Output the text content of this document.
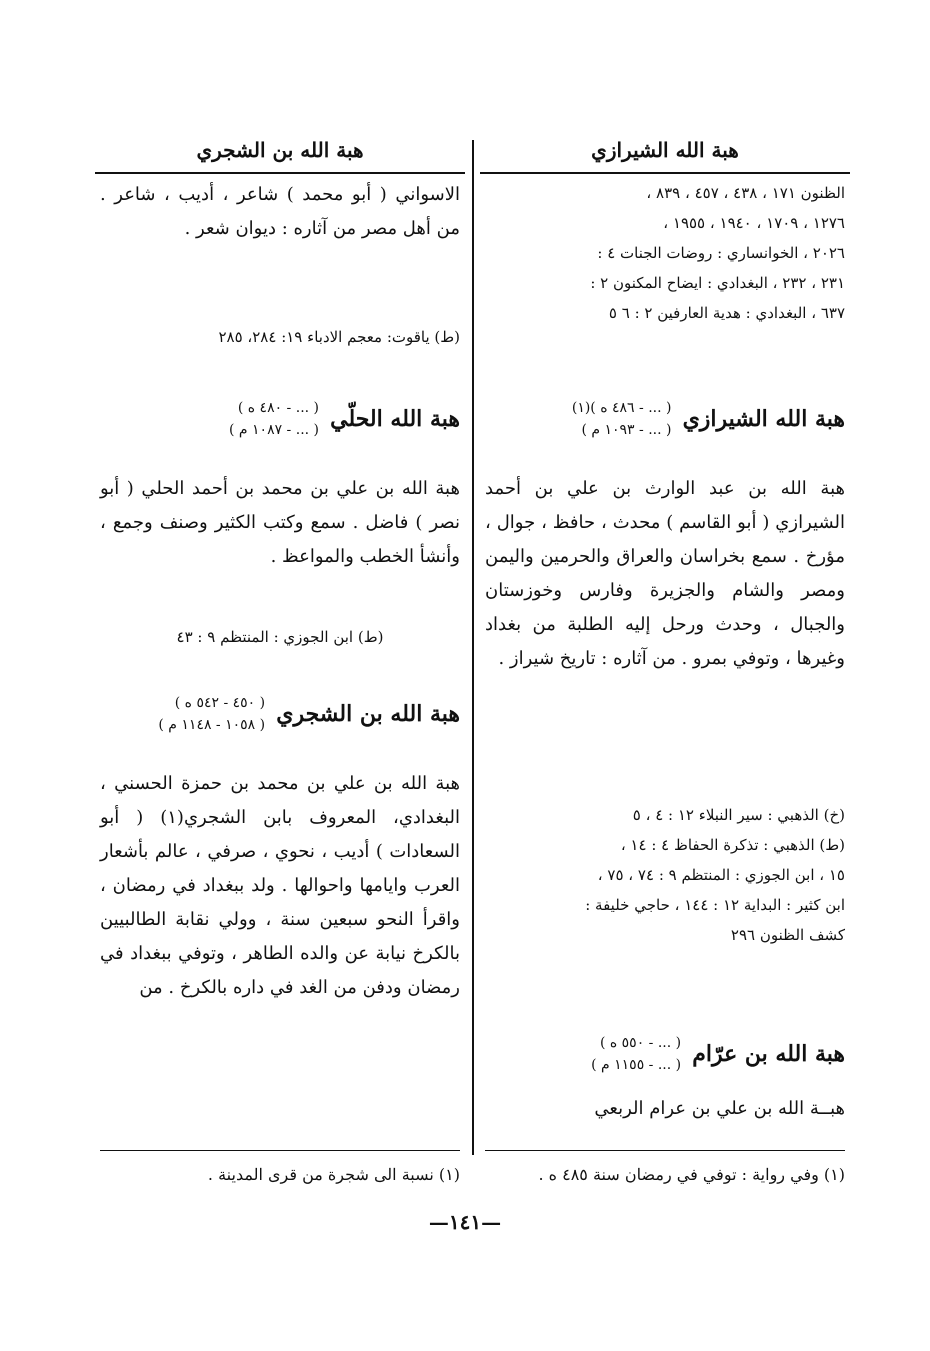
هبة الله الشيرازي
هبة الله بن الشجري

الظنون ١٧١ ، ٤٣٨ ، ٤٥٧ ، ٨٣٩ ،

١٢٧٦ ، ١٧٠٩ ، ١٩٤٠ ، ١٩٥٥ ،

٢٠٢٦ ، الخوانساري : روضات الجنات ٤ :

٢٣١ ، ٢٣٢ ، البغدادي : ايضاح المكنون ٢ :

٦٣٧ ، البغدادي : هدية العارفين ٢ : ٦ ٥

هبة الله الشيرازي
( ... - ٤٨٦ ه )(١)
( ... - ١٠٩٣ م )

هبة الله بن عبد الوارث بن علي بن أحمد الشيرازي ( أبو القاسم ) محدث ، حافظ ، جوال ، مؤرخ . سمع بخراسان والعراق والحرمين واليمن ومصر والشام والجزيرة وفارس وخوزستان والجبال ، وحدث ورحل إليه الطلبة من بغداد وغيرها ، وتوفي بمرو . من آثاره : تاريخ شيراز .

(خ) الذهبي : سير النبلاء ١٢ : ٤ ، ٥

(ط) الذهبي : تذكرة الحفاظ ٤ : ١٤ ،

١٥ ، ابن الجوزي : المنتظم ٩ : ٧٤ ، ٧٥ ،

ابن كثير : البداية ١٢ : ١٤٤ ، حاجي خليفة :

كشف الظنون ٢٩٦

هبة الله بن عرّام
( ... - ٥٥٠ ه )
( ... - ١١٥٥ م )

هبــة الله بن علي بن عرام الربعي

الاسواني ( أبو محمد ) شاعر ، أديب ، شاعر . من أهل مصر من آثاره : ديوان شعر .

(ط) ياقوت: معجم الادباء ١٩: ٢٨٤، ٢٨٥

هبة الله الحلّي
( ... - ٤٨٠ ه )
( ... - ١٠٨٧ م )

هبة الله بن علي بن محمد بن أحمد الحلي ( أبو نصر ) فاضل . سمع وكتب الكثير وصنف وجمع ، وأنشأ الخطب والمواعظ .

(ط) ابن الجوزي : المنتظم ٩ : ٤٣

هبة الله بن الشجري
( ٤٥٠ - ٥٤٢ ه )
( ١٠٥٨ - ١١٤٨ م )

هبة الله بن علي بن محمد بن حمزة الحسني ، البغدادي، المعروف بابن الشجري(١) ( أبو السعادات ) أديب ، نحوي ، صرفي ، عالم بأشعار العرب وايامها واحوالها . ولد ببغداد في رمضان ، واقرأ النحو سبعين سنة ، وولي نقابة الطالبيين بالكرخ نيابة عن والده الطاهر ، وتوفي ببغداد في رمضان ودفن من الغد في داره بالكرخ . من

(١) وفي رواية : توفي في رمضان سنة ٤٨٥ ه .
(١) نسبة الى شجرة من قرى المدينة .
—١٤١—
